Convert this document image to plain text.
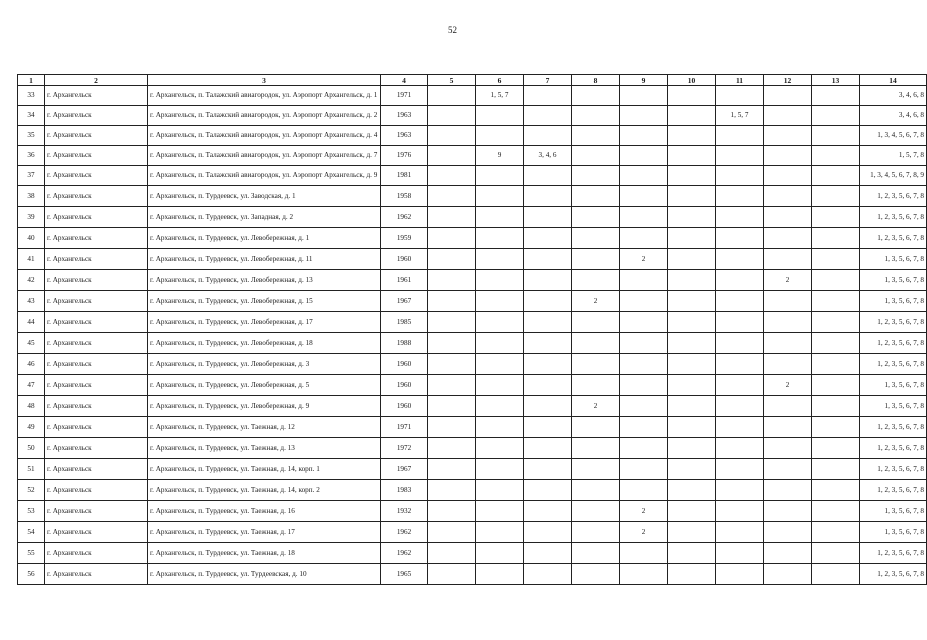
52
1	2	3	4	5	6	7	8	9	10	11	12	13	14
33	г. Архангельск	г. Архангельск, п. Талажский авиагородок, ул. Аэропорт Архангельск, д. 1	1971		1, 5, 7								3, 4, 6, 8
34	г. Архангельск	г. Архангельск, п. Талажский авиагородок, ул. Аэропорт Архангельск, д. 2	1963							1, 5, 7			3, 4, 6, 8
35	г. Архангельск	г. Архангельск, п. Талажский авиагородок, ул. Аэропорт Архангельск, д. 4	1963										1, 3, 4, 5, 6, 7, 8
36	г. Архангельск	г. Архангельск, п. Талажский авиагородок, ул. Аэропорт Архангельск, д. 7	1976		9	3, 4, 6							1, 5, 7, 8
37	г. Архангельск	г. Архангельск, п. Талажский авиагородок, ул. Аэропорт Архангельск, д. 9	1981										1, 3, 4, 5, 6, 7, 8, 9
38	г. Архангельск	г. Архангельск, п. Турдеевск, ул. Заводская, д. 1	1958										1, 2, 3, 5, 6, 7, 8
39	г. Архангельск	г. Архангельск, п. Турдеевск, ул. Западная, д. 2	1962										1, 2, 3, 5, 6, 7, 8
40	г. Архангельск	г. Архангельск, п. Турдеевск, ул. Левобережная, д. 1	1959										1, 2, 3, 5, 6, 7, 8
41	г. Архангельск	г. Архангельск, п. Турдеевск, ул. Левобережная, д. 11	1960					2					1, 3, 5, 6, 7, 8
42	г. Архангельск	г. Архангельск, п. Турдеевск, ул. Левобережная, д. 13	1961								2		1, 3, 5, 6, 7, 8
43	г. Архангельск	г. Архангельск, п. Турдеевск, ул. Левобережная, д. 15	1967				2						1, 3, 5, 6, 7, 8
44	г. Архангельск	г. Архангельск, п. Турдеевск, ул. Левобережная, д. 17	1985										1, 2, 3, 5, 6, 7, 8
45	г. Архангельск	г. Архангельск, п. Турдеевск, ул. Левобережная, д. 18	1988										1, 2, 3, 5, 6, 7, 8
46	г. Архангельск	г. Архангельск, п. Турдеевск, ул. Левобережная, д. 3	1960										1, 2, 3, 5, 6, 7, 8
47	г. Архангельск	г. Архангельск, п. Турдеевск, ул. Левобережная, д. 5	1960								2		1, 3, 5, 6, 7, 8
48	г. Архангельск	г. Архангельск, п. Турдеевск, ул. Левобережная, д. 9	1960				2						1, 3, 5, 6, 7, 8
49	г. Архангельск	г. Архангельск, п. Турдеевск, ул. Таежная, д. 12	1971										1, 2, 3, 5, 6, 7, 8
50	г. Архангельск	г. Архангельск, п. Турдеевск, ул. Таежная, д. 13	1972										1, 2, 3, 5, 6, 7, 8
51	г. Архангельск	г. Архангельск, п. Турдеевск, ул. Таежная, д. 14, корп. 1	1967										1, 2, 3, 5, 6, 7, 8
52	г. Архангельск	г. Архангельск, п. Турдеевск, ул. Таежная, д. 14, корп. 2	1983										1, 2, 3, 5, 6, 7, 8
53	г. Архангельск	г. Архангельск, п. Турдеевск, ул. Таежная, д. 16	1932					2					1, 3, 5, 6, 7, 8
54	г. Архангельск	г. Архангельск, п. Турдеевск, ул. Таежная, д. 17	1962					2					1, 3, 5, 6, 7, 8
55	г. Архангельск	г. Архангельск, п. Турдеевск, ул. Таежная, д. 18	1962										1, 2, 3, 5, 6, 7, 8
56	г. Архангельск	г. Архангельск, п. Турдеевск, ул. Турдеевская, д. 10	1965										1, 2, 3, 5, 6, 7, 8
